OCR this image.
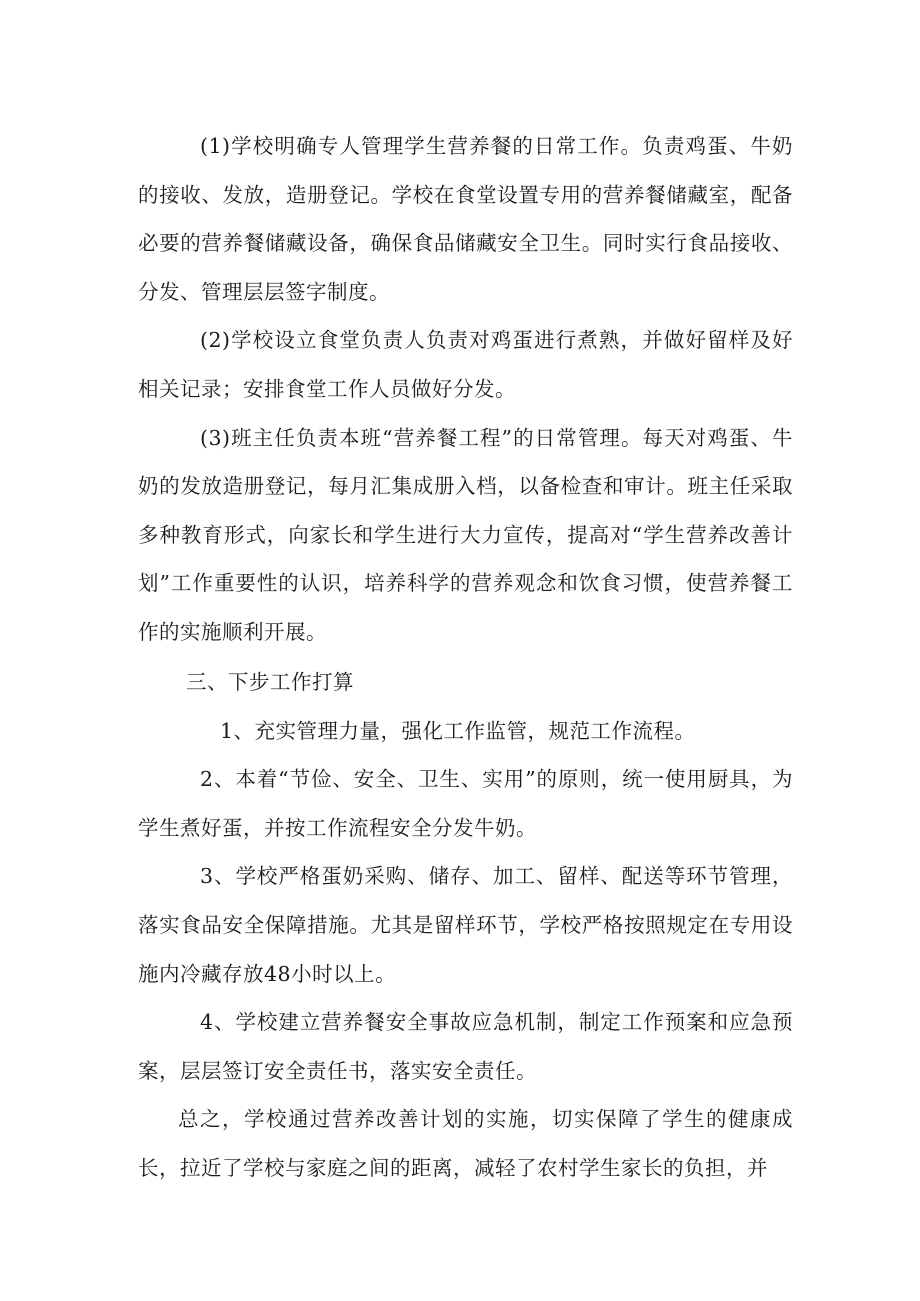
(1)学校明确专人管理学生营养餐的日常工作。负责鸡蛋、牛奶的接收、发放，造册登记。学校在食堂设置专用的营养餐储藏室，配备必要的营养餐储藏设备，确保食品储藏安全卫生。同时实行食品接收、分发、管理层层签字制度。

(2)学校设立食堂负责人负责对鸡蛋进行煮熟，并做好留样及好相关记录；安排食堂工作人员做好分发。

(3)班主任负责本班“营养餐工程”的日常管理。每天对鸡蛋、牛奶的发放造册登记，每月汇集成册入档，以备检查和审计。班主任采取多种教育形式，向家长和学生进行大力宣传，提高对“学生营养改善计划”工作重要性的认识，培养科学的营养观念和饮食习惯，使营养餐工作的实施顺利开展。

三、下步工作打算

1、充实管理力量，强化工作监管，规范工作流程。

2、本着“节俭、安全、卫生、实用”的原则，统一使用厨具，为学生煮好蛋，并按工作流程安全分发牛奶。

3、学校严格蛋奶采购、储存、加工、留样、配送等环节管理，落实食品安全保障措施。尤其是留样环节，学校严格按照规定在专用设施内冷藏存放48小时以上。

4、学校建立营养餐安全事故应急机制，制定工作预案和应急预案，层层签订安全责任书，落实安全责任。

总之，学校通过营养改善计划的实施，切实保障了学生的健康成长，拉近了学校与家庭之间的距离，减轻了农村学生家长的负担，并
